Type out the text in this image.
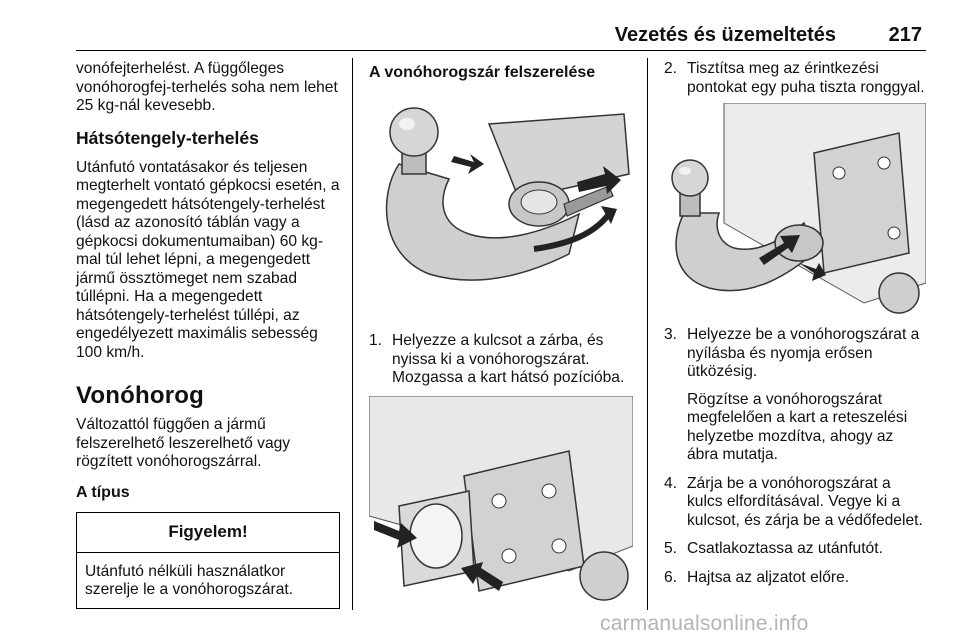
Vezetés és üzemeltetés	217

vonófejterhelést. A függőleges vonóhorogfej-terhelés soha nem lehet 25 kg-nál kevesebb.

Hátsótengely-terhelés

Utánfutó vontatásakor és teljesen megterhelt vontató gépkocsi esetén, a megengedett hátsótengely-terhelést (lásd az azonosító táblán vagy a gépkocsi dokumentumaiban) 60 kg-mal túl lehet lépni, a megengedett jármű össztömeget nem szabad túllépni. Ha a megengedett hátsótengely-terhelést túllépi, az engedélyezett maximális sebesség 100 km/h.

Vonóhorog

Változattól függően a jármű felszerelhető leszerelhető vagy rögzített vonóhorogszárral.

A típus
Figyelem!

Utánfutó nélküli használatkor szerelje le a vonóhorogszárat.

A vonóhorogszár felszerelése
1. Helyezze a kulcsot a zárba, és nyissa ki a vonóhorogszárat. Mozgassa a kart hátsó pozícióba.

2. Tisztítsa meg az érintkezési pontokat egy puha tiszta ronggyal.

3. Helyezze be a vonóhorogszárat a nyílásba és nyomja erősen ütközésig.

Rögzítse a vonóhorogszárat megfelelően a kart a reteszelési helyzetbe mozdítva, ahogy az ábra mutatja.

4. Zárja be a vonóhorogszárat a kulcs elfordításával. Vegye ki a kulcsot, és zárja be a védőfedelet.

5. Csatlakoztassa az utánfutót.

6. Hajtsa az aljzatot előre.

carmanualsonline.info
